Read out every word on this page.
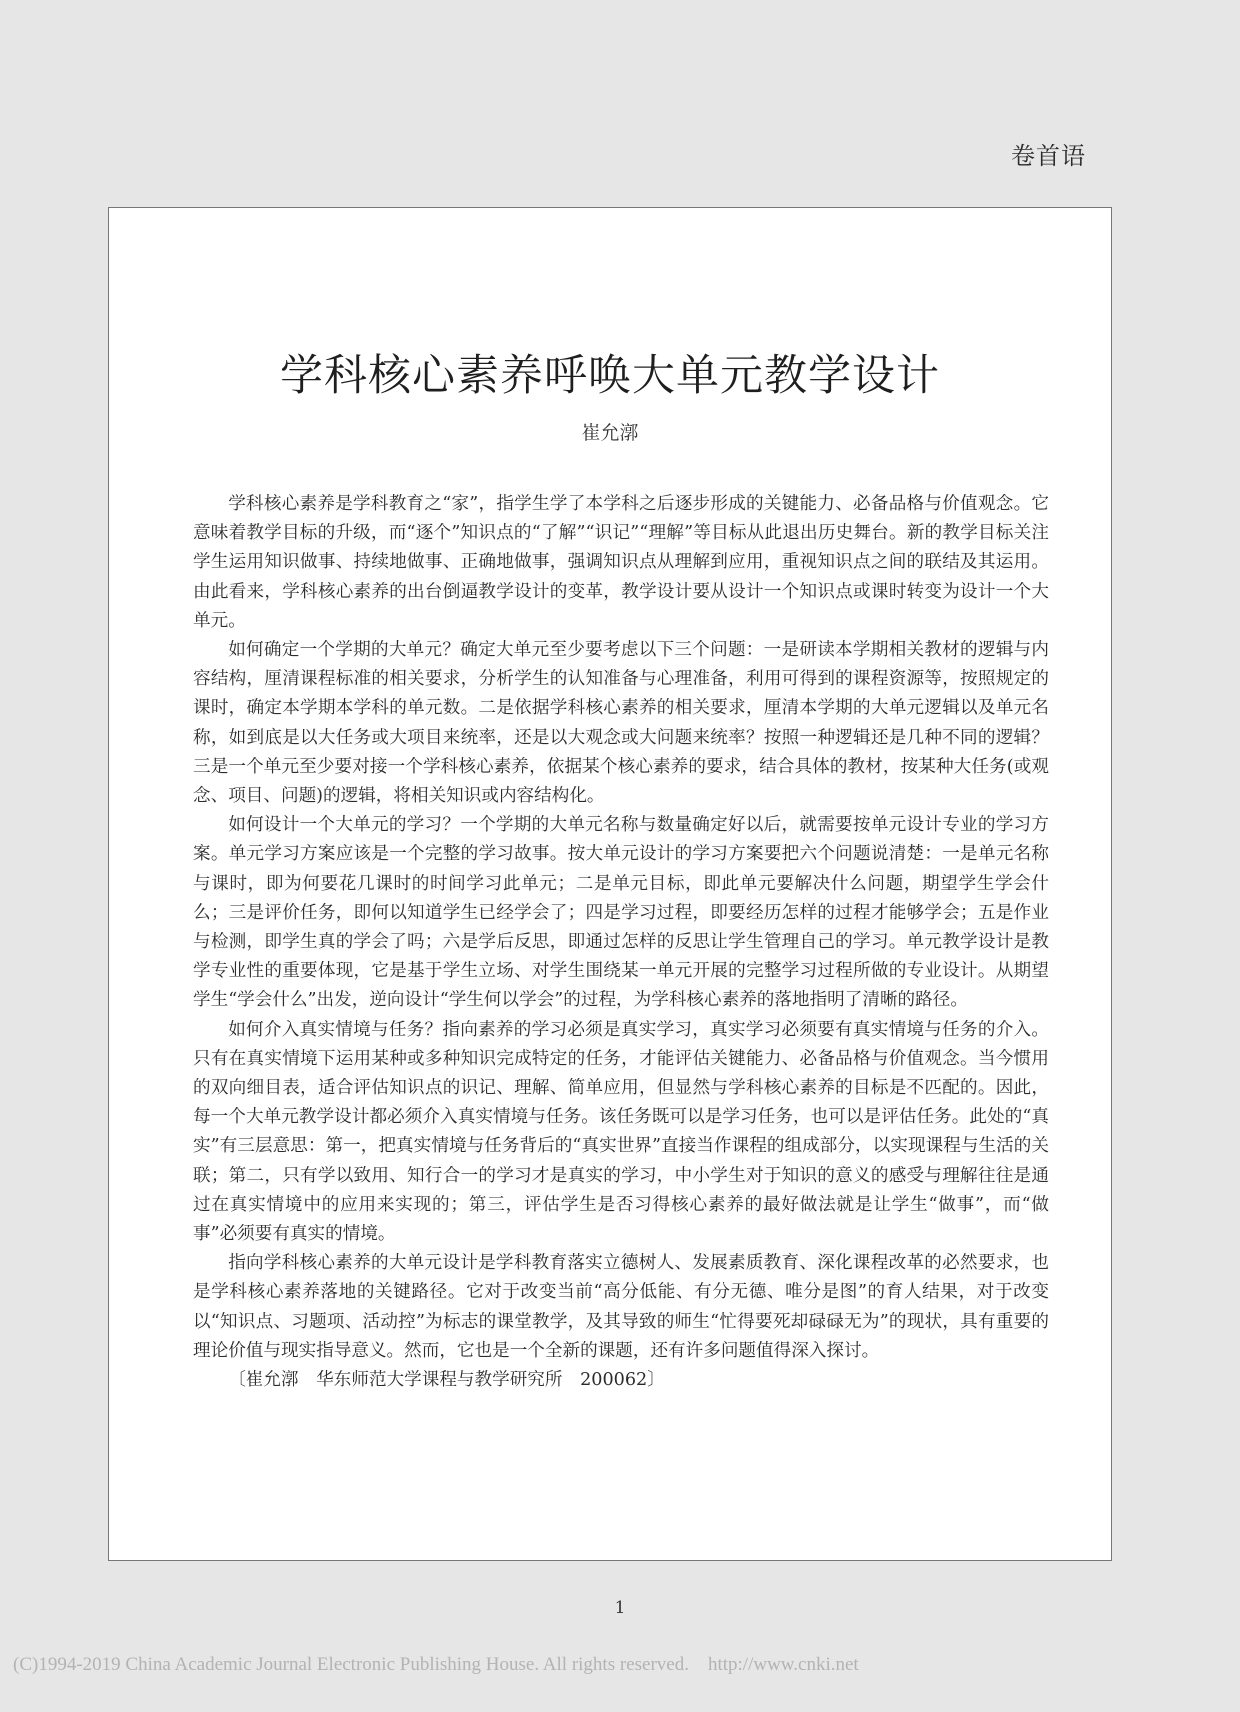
卷首语
学科核心素养呼唤大单元教学设计
崔允漷

学科核心素养是学科教育之“家”，指学生学了本学科之后逐步形成的关键能力、必备品格与价值观念。它意味着教学目标的升级，而“逐个”知识点的“了解”“识记”“理解”等目标从此退出历史舞台。新的教学目标关注学生运用知识做事、持续地做事、正确地做事，强调知识点从理解到应用，重视知识点之间的联结及其运用。由此看来，学科核心素养的出台倒逼教学设计的变革，教学设计要从设计一个知识点或课时转变为设计一个大单元。

如何确定一个学期的大单元？确定大单元至少要考虑以下三个问题：一是研读本学期相关教材的逻辑与内容结构，厘清课程标准的相关要求，分析学生的认知准备与心理准备，利用可得到的课程资源等，按照规定的课时，确定本学期本学科的单元数。二是依据学科核心素养的相关要求，厘清本学期的大单元逻辑以及单元名称，如到底是以大任务或大项目来统率，还是以大观念或大问题来统率？按照一种逻辑还是几种不同的逻辑？三是一个单元至少要对接一个学科核心素养，依据某个核心素养的要求，结合具体的教材，按某种大任务(或观念、项目、问题)的逻辑，将相关知识或内容结构化。

如何设计一个大单元的学习？一个学期的大单元名称与数量确定好以后，就需要按单元设计专业的学习方案。单元学习方案应该是一个完整的学习故事。按大单元设计的学习方案要把六个问题说清楚：一是单元名称与课时，即为何要花几课时的时间学习此单元；二是单元目标，即此单元要解决什么问题，期望学生学会什么；三是评价任务，即何以知道学生已经学会了；四是学习过程，即要经历怎样的过程才能够学会；五是作业与检测，即学生真的学会了吗；六是学后反思，即通过怎样的反思让学生管理自己的学习。单元教学设计是教学专业性的重要体现，它是基于学生立场、对学生围绕某一单元开展的完整学习过程所做的专业设计。从期望学生“学会什么”出发，逆向设计“学生何以学会”的过程，为学科核心素养的落地指明了清晰的路径。

如何介入真实情境与任务？指向素养的学习必须是真实学习，真实学习必须要有真实情境与任务的介入。只有在真实情境下运用某种或多种知识完成特定的任务，才能评估关键能力、必备品格与价值观念。当今惯用的双向细目表，适合评估知识点的识记、理解、简单应用，但显然与学科核心素养的目标是不匹配的。因此，每一个大单元教学设计都必须介入真实情境与任务。该任务既可以是学习任务，也可以是评估任务。此处的“真实”有三层意思：第一，把真实情境与任务背后的“真实世界”直接当作课程的组成部分，以实现课程与生活的关联；第二，只有学以致用、知行合一的学习才是真实的学习，中小学生对于知识的意义的感受与理解往往是通过在真实情境中的应用来实现的；第三，评估学生是否习得核心素养的最好做法就是让学生“做事”，而“做事”必须要有真实的情境。

指向学科核心素养的大单元设计是学科教育落实立德树人、发展素质教育、深化课程改革的必然要求，也是学科核心素养落地的关键路径。它对于改变当前“高分低能、有分无德、唯分是图”的育人结果，对于改变以“知识点、习题项、活动控”为标志的课堂教学，及其导致的师生“忙得要死却碌碌无为”的现状，具有重要的理论价值与现实指导意义。然而，它也是一个全新的课题，还有许多问题值得深入探讨。

〔崔允漷　华东师范大学课程与教学研究所　200062〕

1
(C)1994-2019 China Academic Journal Electronic Publishing House. All rights reserved.    http://www.cnki.net
